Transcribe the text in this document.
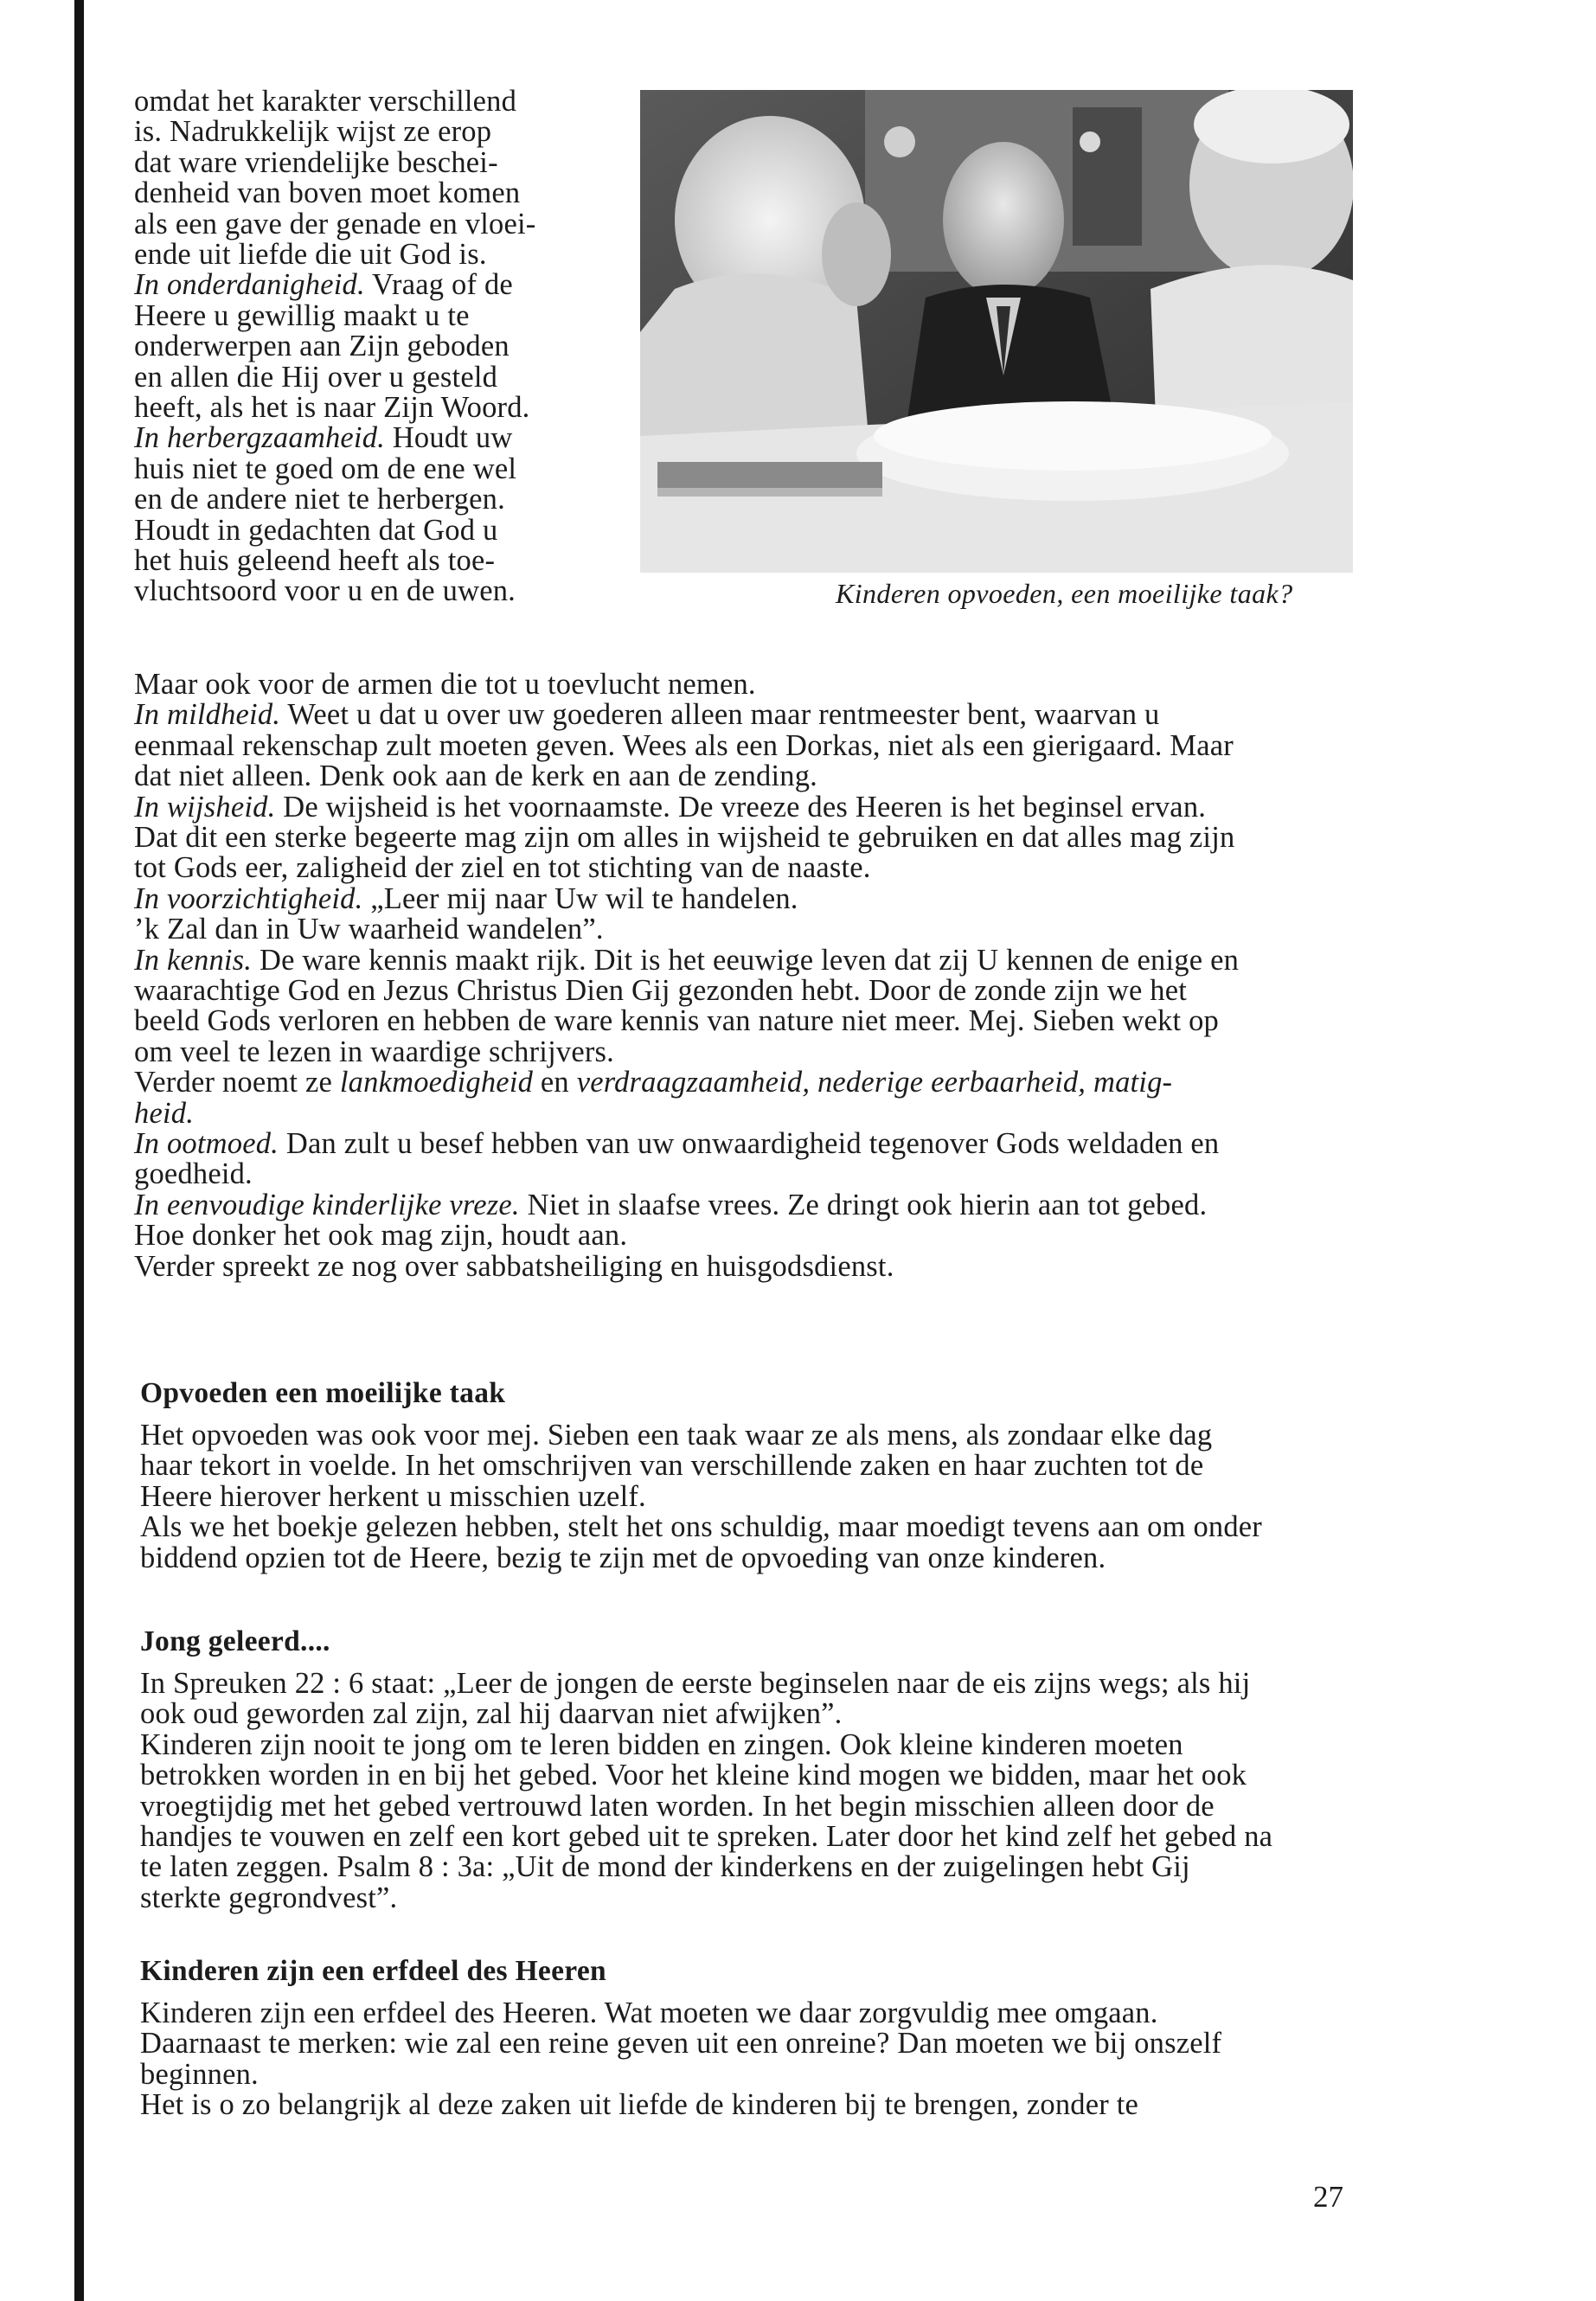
Kinderen opvoeden, een moeilijke taak?
omdat het karakter verschillend
is. Nadrukkelijk wijst ze erop
dat ware vriendelijke beschei-
denheid van boven moet komen
als een gave der genade en vloei-
ende uit liefde die uit God is.
In onderdanigheid. Vraag of de
Heere u gewillig maakt u te
onderwerpen aan Zijn geboden
en allen die Hij over u gesteld
heeft, als het is naar Zijn Woord.
In herbergzaamheid. Houdt uw
huis niet te goed om de ene wel
en de andere niet te herbergen.
Houdt in gedachten dat God u
het huis geleend heeft als toe-
vluchtsoord voor u en de uwen.
Maar ook voor de armen die tot u toevlucht nemen.
In mildheid. Weet u dat u over uw goederen alleen maar rentmeester bent, waarvan u
eenmaal rekenschap zult moeten geven. Wees als een Dorkas, niet als een gierigaard. Maar
dat niet alleen. Denk ook aan de kerk en aan de zending.
In wijsheid. De wijsheid is het voornaamste. De vreeze des Heeren is het beginsel ervan.
Dat dit een sterke begeerte mag zijn om alles in wijsheid te gebruiken en dat alles mag zijn
tot Gods eer, zaligheid der ziel en tot stichting van de naaste.
In voorzichtigheid. „Leer mij naar Uw wil te handelen.
’k Zal dan in Uw waarheid wandelen”.
In kennis. De ware kennis maakt rijk. Dit is het eeuwige leven dat zij U kennen de enige en
waarachtige God en Jezus Christus Dien Gij gezonden hebt. Door de zonde zijn we het
beeld Gods verloren en hebben de ware kennis van nature niet meer. Mej. Sieben wekt op
om veel te lezen in waardige schrijvers.
Verder noemt ze lankmoedigheid en verdraagzaamheid, nederige eerbaarheid, matig-
heid.
In ootmoed. Dan zult u besef hebben van uw onwaardigheid tegenover Gods weldaden en
goedheid.
In eenvoudige kinderlijke vreze. Niet in slaafse vrees. Ze dringt ook hierin aan tot gebed.
Hoe donker het ook mag zijn, houdt aan.
Verder spreekt ze nog over sabbatsheiliging en huisgodsdienst.
Opvoeden een moeilijke taak
Het opvoeden was ook voor mej. Sieben een taak waar ze als mens, als zondaar elke dag
haar tekort in voelde. In het omschrijven van verschillende zaken en haar zuchten tot de
Heere hierover herkent u misschien uzelf.
Als we het boekje gelezen hebben, stelt het ons schuldig, maar moedigt tevens aan om onder
biddend opzien tot de Heere, bezig te zijn met de opvoeding van onze kinderen.
Jong geleerd....
In Spreuken 22 : 6 staat: „Leer de jongen de eerste beginselen naar de eis zijns wegs; als hij
ook oud geworden zal zijn, zal hij daarvan niet afwijken”.
Kinderen zijn nooit te jong om te leren bidden en zingen. Ook kleine kinderen moeten
betrokken worden in en bij het gebed. Voor het kleine kind mogen we bidden, maar het ook
vroegtijdig met het gebed vertrouwd laten worden. In het begin misschien alleen door de
handjes te vouwen en zelf een kort gebed uit te spreken. Later door het kind zelf het gebed na
te laten zeggen. Psalm 8 : 3a: „Uit de mond der kinderkens en der zuigelingen hebt Gij
sterkte gegrondvest”.
Kinderen zijn een erfdeel des Heeren
Kinderen zijn een erfdeel des Heeren. Wat moeten we daar zorgvuldig mee omgaan.
Daarnaast te merken: wie zal een reine geven uit een onreine? Dan moeten we bij onszelf
beginnen.
Het is o zo belangrijk al deze zaken uit liefde de kinderen bij te brengen, zonder te
27
